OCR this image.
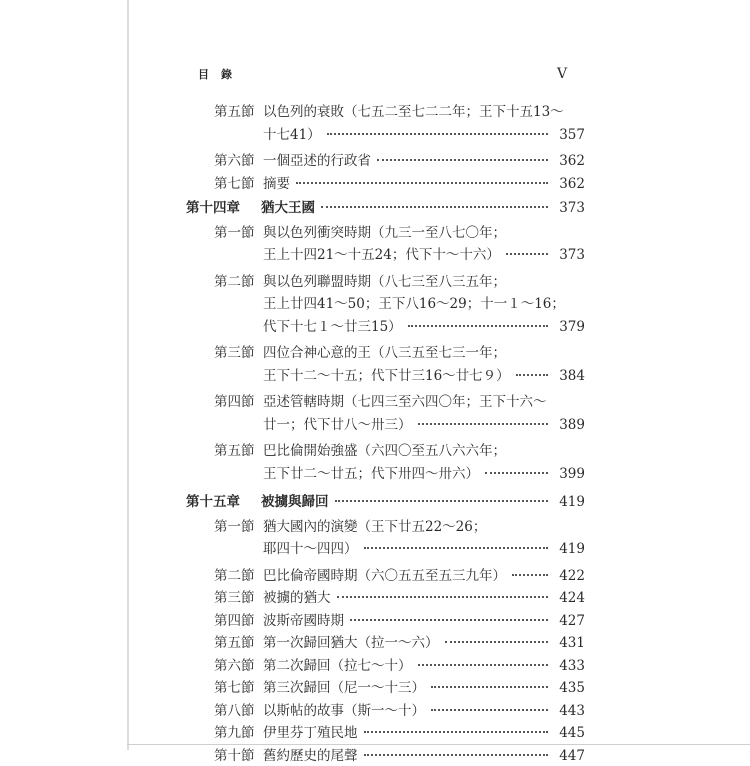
目錄	V
第五節 以色列的衰敗（七五二至七二二年；王下十五13～
十七41）	357
第六節 一個亞述的行政省	362
第七節 摘要	362
第十四章 猶大王國	373
第一節 與以色列衝突時期（九三一至八七〇年；
王上十四21～十五24；代下十～十六）	373
第二節 與以色列聯盟時期（八七三至八三五年；
王上廿四41～50；王下八16～29；十一１～16；
代下十七１～廿三15）	379
第三節 四位合神心意的王（八三五至七三一年；
王下十二～十五；代下廿三16～廿七９）	384
第四節 亞述管轄時期（七四三至六四〇年；王下十六～
廿一；代下廿八～卅三）	389
第五節 巴比倫開始強盛（六四〇至五八六六年；
王下廿二～廿五；代下卅四～卅六）	399
第十五章 被擄與歸回	419
第一節 猶大國內的演變（王下廿五22～26；
耶四十～四四）	419
第二節 巴比倫帝國時期（六〇五五至五三九年）	422
第三節 被擄的猶大	424
第四節 波斯帝國時期	427
第五節 第一次歸回猶大（拉一～六）	431
第六節 第二次歸回（拉七～十）	433
第七節 第三次歸回（尼一～十三）	435
第八節 以斯帖的故事（斯一～十）	443
第九節 伊里芬丁殖民地	445
第十節 舊約歷史的尾聲	447
